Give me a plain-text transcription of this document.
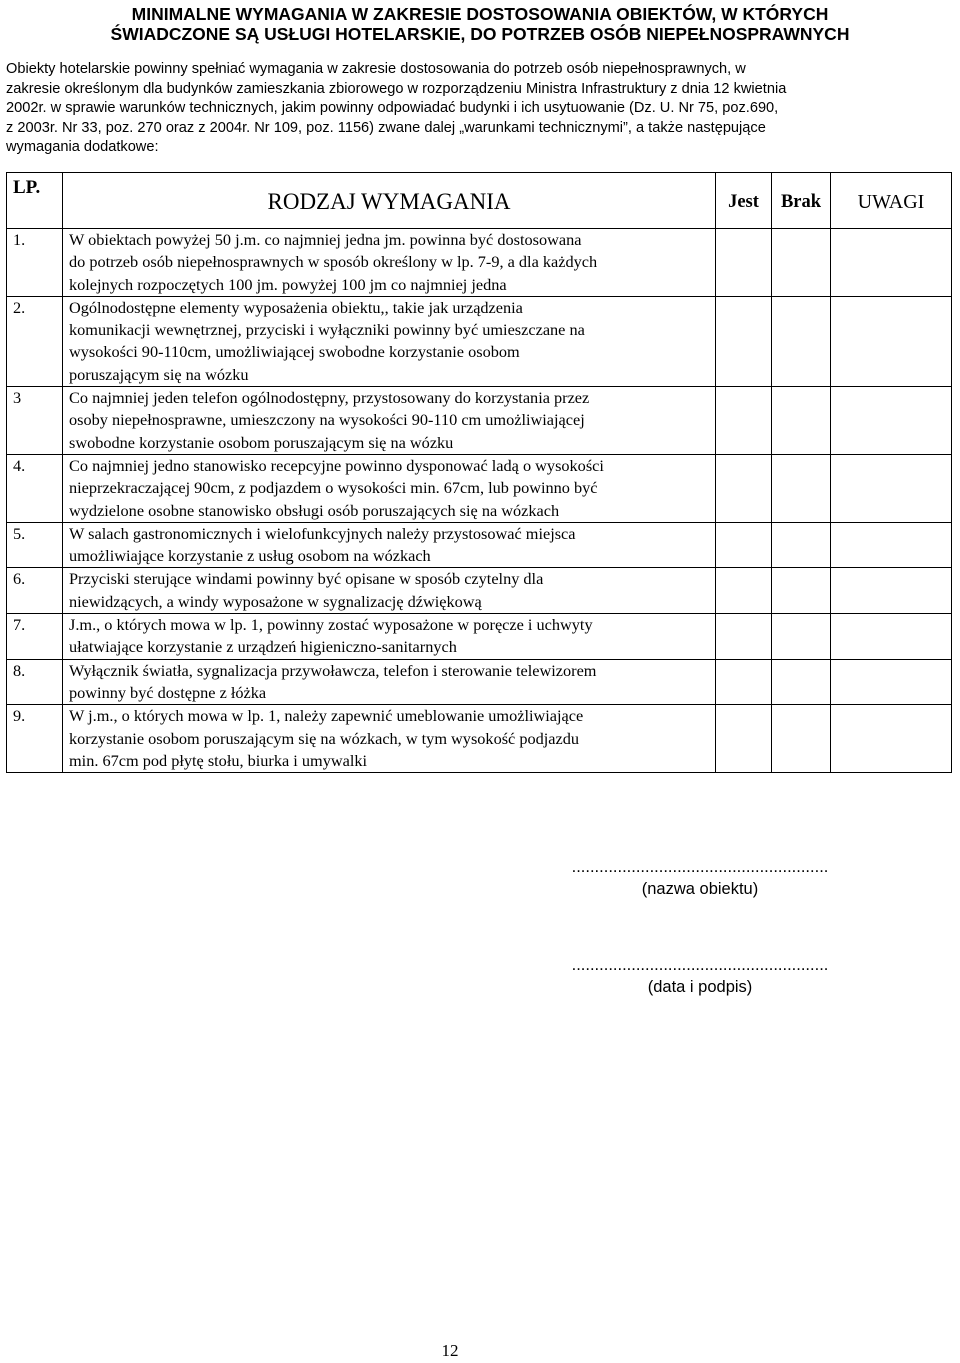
MINIMALNE WYMAGANIA W ZAKRESIE DOSTOSOWANIA OBIEKTÓW, W KTÓRYCH
ŚWIADCZONE SĄ USŁUGI HOTELARSKIE, DO POTRZEB OSÓB NIEPEŁNOSPRAWNYCH
Obiekty hotelarskie powinny spełniać wymagania w zakresie dostosowania do potrzeb osób niepełnosprawnych, w
zakresie określonym dla budynków zamieszkania zbiorowego w rozporządzeniu Ministra Infrastruktury z dnia 12 kwietnia
2002r. w sprawie warunków technicznych, jakim powinny odpowiadać budynki i ich usytuowanie (Dz. U. Nr 75, poz.690,
z 2003r. Nr 33, poz. 270 oraz z 2004r. Nr 109, poz. 1156) zwane dalej „warunkami technicznymi”, a także następujące
wymagania dodatkowe:
LP.	RODZAJ WYMAGANIA	Jest	Brak	UWAGI
1.	W obiektach powyżej 50 j.m. co najmniej jedna jm. powinna być dostosowana
do potrzeb osób niepełnosprawnych w sposób określony w lp. 7-9, a dla każdych
kolejnych rozpoczętych 100 jm. powyżej 100 jm co najmniej jedna			

2.	Ogólnodostępne elementy wyposażenia obiektu,, takie jak urządzenia
komunikacji wewnętrznej, przyciski i wyłączniki powinny być umieszczane na
wysokości 90-110cm, umożliwiającej swobodne korzystanie osobom
poruszającym się na wózku			

3	Co najmniej jeden telefon ogólnodostępny, przystosowany do korzystania przez
osoby niepełnosprawne, umieszczony na wysokości 90-110 cm umożliwiającej
swobodne korzystanie osobom poruszającym się na wózku			

4.	Co najmniej jedno stanowisko recepcyjne powinno dysponować ladą o wysokości
nieprzekraczającej 90cm, z podjazdem o wysokości min. 67cm, lub powinno być
wydzielone osobne stanowisko obsługi osób poruszających się na wózkach			

5.	W salach gastronomicznych i wielofunkcyjnych należy przystosować miejsca
umożliwiające korzystanie z usług osobom na wózkach			

6.	Przyciski sterujące windami powinny być opisane w sposób czytelny dla
niewidzących, a windy wyposażone w sygnalizację dźwiękową			

7.	J.m., o których mowa w lp. 1, powinny zostać wyposażone w poręcze i uchwyty
ułatwiające korzystanie z urządzeń higieniczno-sanitarnych			

8.	Wyłącznik światła, sygnalizacja przywoławcza, telefon i sterowanie telewizorem
powinny być dostępne z łóżka			

9.	W j.m., o których mowa w lp. 1, należy zapewnić umeblowanie umożliwiające
korzystanie osobom poruszającym się na wózkach, w tym wysokość podjazdu
min. 67cm pod płytę stołu, biurka i umywalki			

........................................................
(nazwa obiektu)
........................................................
(data i podpis)
12
